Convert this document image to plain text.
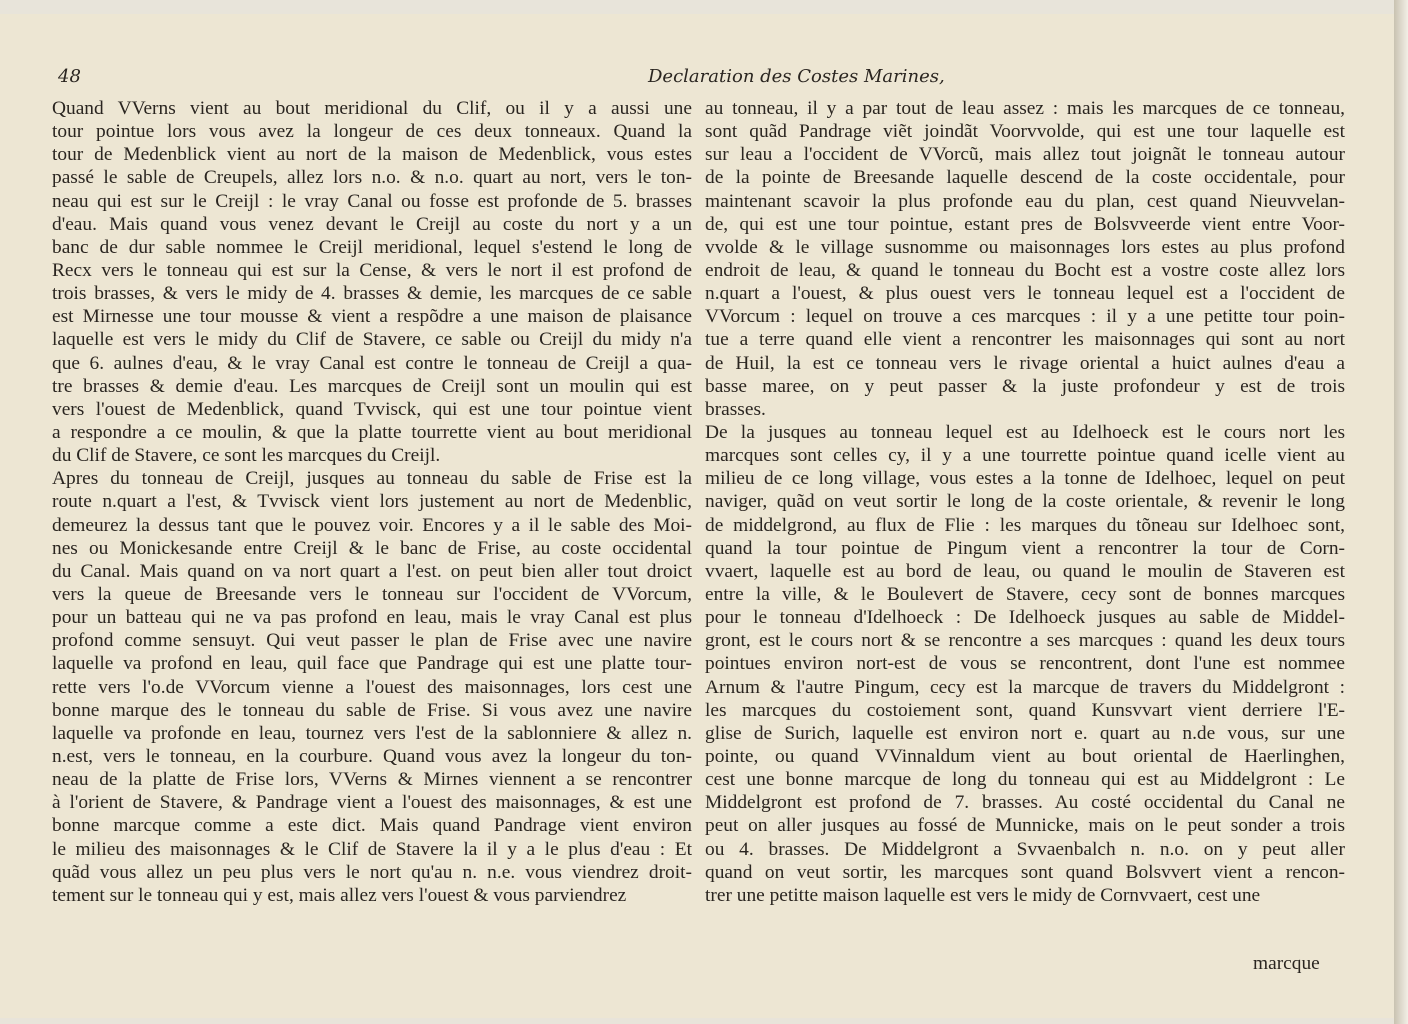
48	Declaration des Costes Marines,
Quand VVerns vient au bout meridional du Clif, ou il y a aussi une
tour pointue lors vous avez la longeur de ces deux tonneaux. Quand la
tour de Medenblick vient au nort de la maison de Medenblick, vous estes
passé le sable de Creupels, allez lors n.o. & n.o. quart au nort, vers le ton-
neau qui est sur le Creijl : le vray Canal ou fosse est profonde de 5. brasses
d'eau. Mais quand vous venez devant le Creijl au coste du nort y a un
banc de dur sable nommee le Creijl meridional, lequel s'estend le long de
Recx vers le tonneau qui est sur la Cense, & vers le nort il est profond de
trois brasses, & vers le midy de 4. brasses & demie, les marcques de ce sable
est Mirnesse une tour mousse & vient a respõdre a une maison de plaisance
laquelle est vers le midy du Clif de Stavere, ce sable ou Creijl du midy n'a
que 6. aulnes d'eau, & le vray Canal est contre le tonneau de Creijl a qua-
tre brasses & demie d'eau. Les marcques de Creijl sont un moulin qui est
vers l'ouest de Medenblick, quand Tvvisck, qui est une tour pointue vient
a respondre a ce moulin, & que la platte tourrette vient au bout meridional
du Clif de Stavere, ce sont les marcques du Creijl.
Apres du tonneau de Creijl, jusques au tonneau du sable de Frise est la
route n.quart a l'est, & Tvvisck vient lors justement au nort de Medenblic,
demeurez la dessus tant que le pouvez voir. Encores y a il le sable des Moi-
nes ou Monickesande entre Creijl & le banc de Frise, au coste occidental
du Canal. Mais quand on va nort quart a l'est. on peut bien aller tout droict
vers la queue de Breesande vers le tonneau sur l'occident de VVorcum,
pour un batteau qui ne va pas profond en leau, mais le vray Canal est plus
profond comme sensuyt. Qui veut passer le plan de Frise avec une navire
laquelle va profond en leau, quil face que Pandrage qui est une platte tour-
rette vers l'o.de VVorcum vienne a l'ouest des maisonnages, lors cest une
bonne marque des le tonneau du sable de Frise. Si vous avez une navire
laquelle va profonde en leau, tournez vers l'est de la sablonniere & allez n.
n.est, vers le tonneau, en la courbure. Quand vous avez la longeur du ton-
neau de la platte de Frise lors, VVerns & Mirnes viennent a se rencontrer
à l'orient de Stavere, & Pandrage vient a l'ouest des maisonnages, & est une
bonne marcque comme a este dict. Mais quand Pandrage vient environ
le milieu des maisonnages & le Clif de Stavere la il y a le plus d'eau : Et
quãd vous allez un peu plus vers le nort qu'au n. n.e. vous viendrez droit-
tement sur le tonneau qui y est, mais allez vers l'ouest & vous parviendrez
au tonneau, il y a par tout de leau assez : mais les marcques de ce tonneau,
sont quãd Pandrage viẽt joindãt Voorvvolde, qui est une tour laquelle est
sur leau a l'occident de VVorcũ, mais allez tout joignãt le tonneau autour
de la pointe de Breesande laquelle descend de la coste occidentale, pour
maintenant scavoir la plus profonde eau du plan, cest quand Nieuvvelan-
de, qui est une tour pointue, estant pres de Bolsvveerde vient entre Voor-
vvolde & le village susnomme ou maisonnages lors estes au plus profond
endroit de leau, & quand le tonneau du Bocht est a vostre coste allez lors
n.quart a l'ouest, & plus ouest vers le tonneau lequel est a l'occident de
VVorcum : lequel on trouve a ces marcques : il y a une petitte tour poin-
tue a terre quand elle vient a rencontrer les maisonnages qui sont au nort
de Huil, la est ce tonneau vers le rivage oriental a huict aulnes d'eau a
basse maree, on y peut passer & la juste profondeur y est de trois
brasses.
De la jusques au tonneau lequel est au Idelhoeck est le cours nort les
marcques sont celles cy, il y a une tourrette pointue quand icelle vient au
milieu de ce long village, vous estes a la tonne de Idelhoec, lequel on peut
naviger, quãd on veut sortir le long de la coste orientale, & revenir le long
de middelgrond, au flux de Flie : les marques du tõneau sur Idelhoec sont,
quand la tour pointue de Pingum vient a rencontrer la tour de Corn-
vvaert, laquelle est au bord de leau, ou quand le moulin de Staveren est
entre la ville, & le Boulevert de Stavere, cecy sont de bonnes marcques
pour le tonneau d'Idelhoeck : De Idelhoeck jusques au sable de Middel-
gront, est le cours nort & se rencontre a ses marcques : quand les deux tours
pointues environ nort-est de vous se rencontrent, dont l'une est nommee
Arnum & l'autre Pingum, cecy est la marcque de travers du Middelgront :
les marcques du costoiement sont, quand Kunsvvart vient derriere l'E-
glise de Surich, laquelle est environ nort e. quart au n.de vous, sur une
pointe, ou quand VVinnaldum vient au bout oriental de Haerlinghen,
cest une bonne marcque de long du tonneau qui est au Middelgront : Le
Middelgront est profond de 7. brasses. Au costé occidental du Canal ne
peut on aller jusques au fossé de Munnicke, mais on le peut sonder a trois
ou 4. brasses. De Middelgront a Svvaenbalch n. n.o. on y peut aller
quand on veut sortir, les marcques sont quand Bolsvvert vient a rencon-
trer une petitte maison laquelle est vers le midy de Cornvvaert, cest une
marcque
